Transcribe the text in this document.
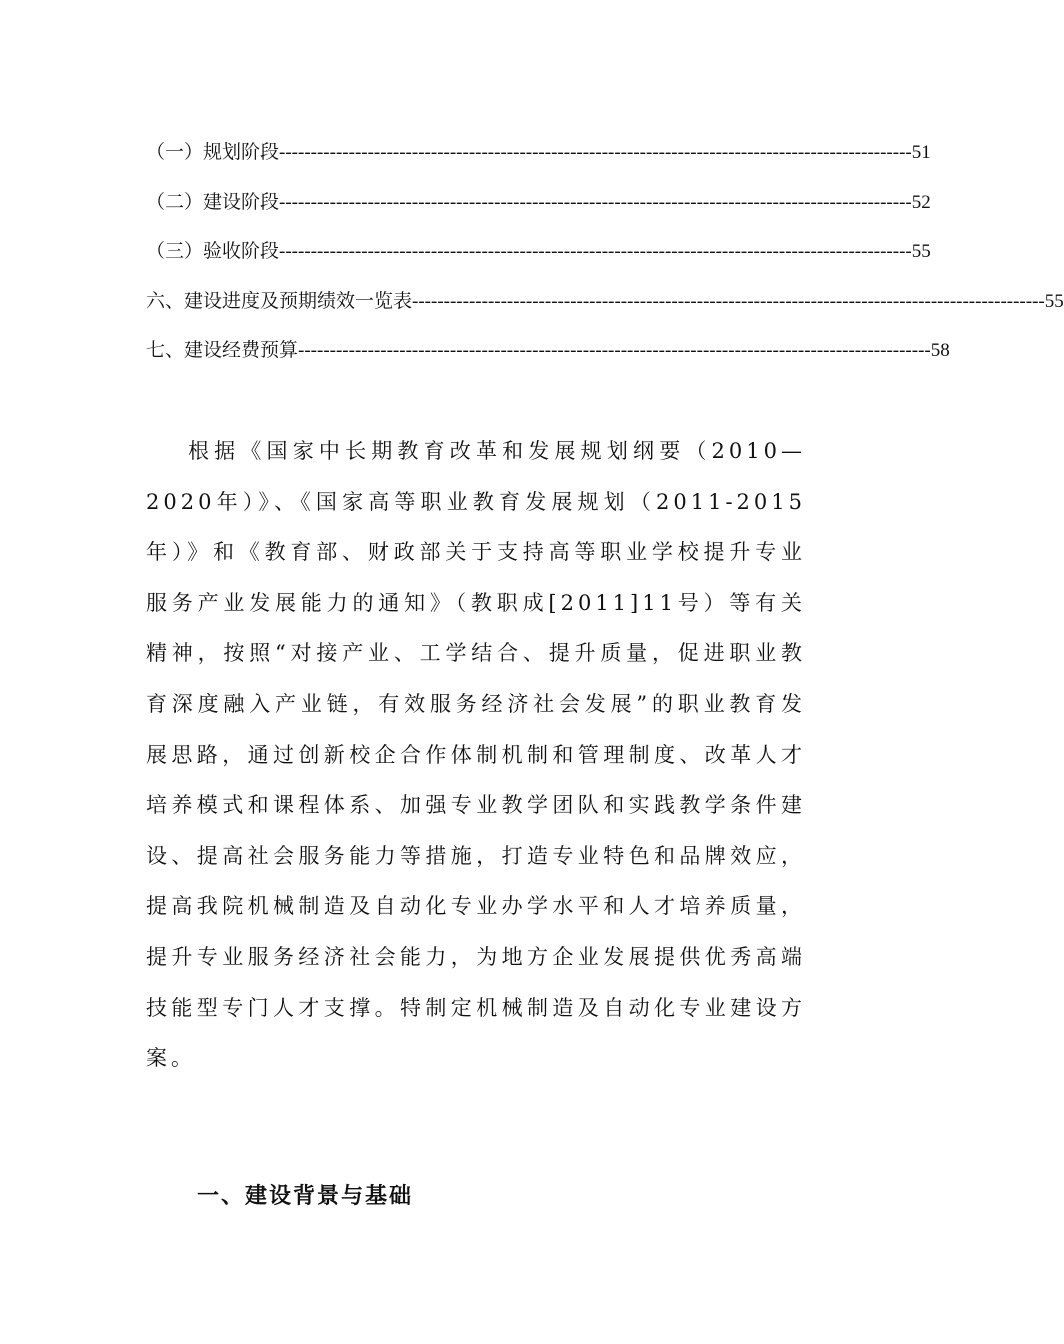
（一）规划阶段 ---------------------------------------------------------------------------------------------------- 51
（二）建设阶段 ---------------------------------------------------------------------------------------------------- 52
（三）验收阶段 ---------------------------------------------------------------------------------------------------- 55
六、建设进度及预期绩效一览表 ---------------------------------------------------------------------------------------------------- 55
七、建设经费预算 ---------------------------------------------------------------------------------------------------- 58

根据《国家中长期教育改革和发展规划纲要（2010—2020年）》、《国家高等职业教育发展规划（2011-2015年）》和《教育部、财政部关于支持高等职业学校提升专业服务产业发展能力的通知》（教职成[2011]11号）等有关精神，按照“对接产业、工学结合、提升质量，促进职业教育深度融入产业链，有效服务经济社会发展”的职业教育发展思路，通过创新校企合作体制机制和管理制度、改革人才培养模式和课程体系、加强专业教学团队和实践教学条件建设、提高社会服务能力等措施，打造专业特色和品牌效应，提高我院机械制造及自动化专业办学水平和人才培养质量，提升专业服务经济社会能力，为地方企业发展提供优秀高端技能型专门人才支撑。特制定机械制造及自动化专业建设方案。

一、建设背景与基础
